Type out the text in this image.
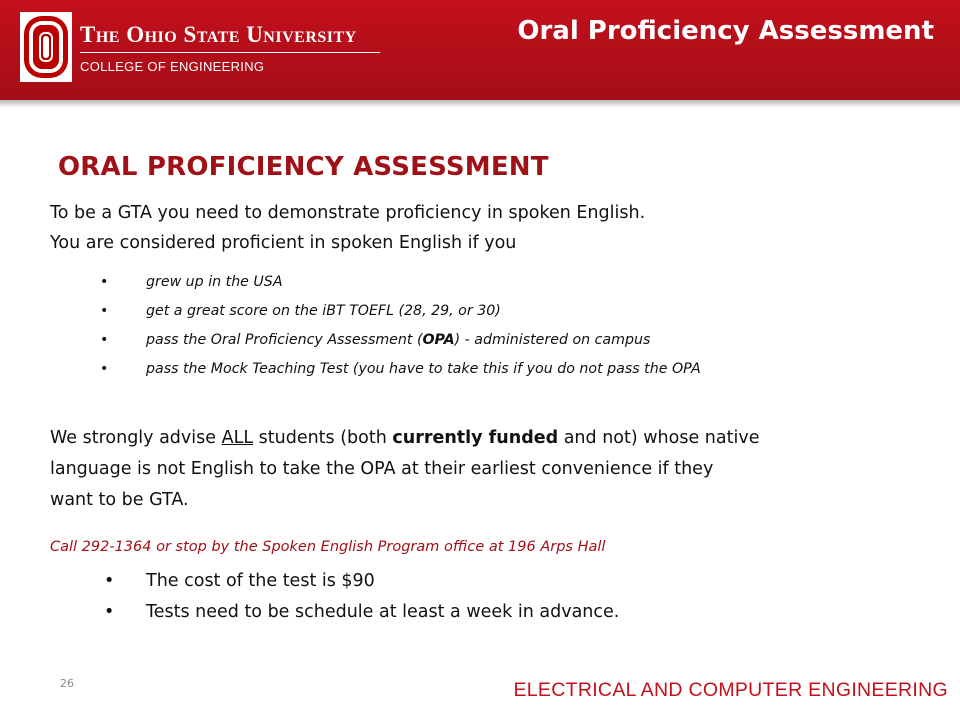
The Ohio State University
COLLEGE OF ENGINEERING
Oral Proficiency Assessment
ORAL PROFICIENCY ASSESSMENT
To be a GTA you need to demonstrate proficiency in spoken English.
You are considered proficient in spoken English if you
•	grew up in the USA
•	get a great score on the iBT TOEFL (28, 29, or 30)
•	pass the Oral Proficiency Assessment (OPA) - administered on campus
•	pass the Mock Teaching Test (you have to take this if you do not pass the OPA
We strongly advise ALL students (both currently funded and not) whose native
language is not English to take the OPA at their earliest convenience if they
want to be GTA.
Call 292-1364 or stop by the Spoken English Program office at 196 Arps Hall
• The cost of the test is $90
• Tests need to be schedule at least a week in advance.
26	ELECTRICAL AND COMPUTER ENGINEERING
